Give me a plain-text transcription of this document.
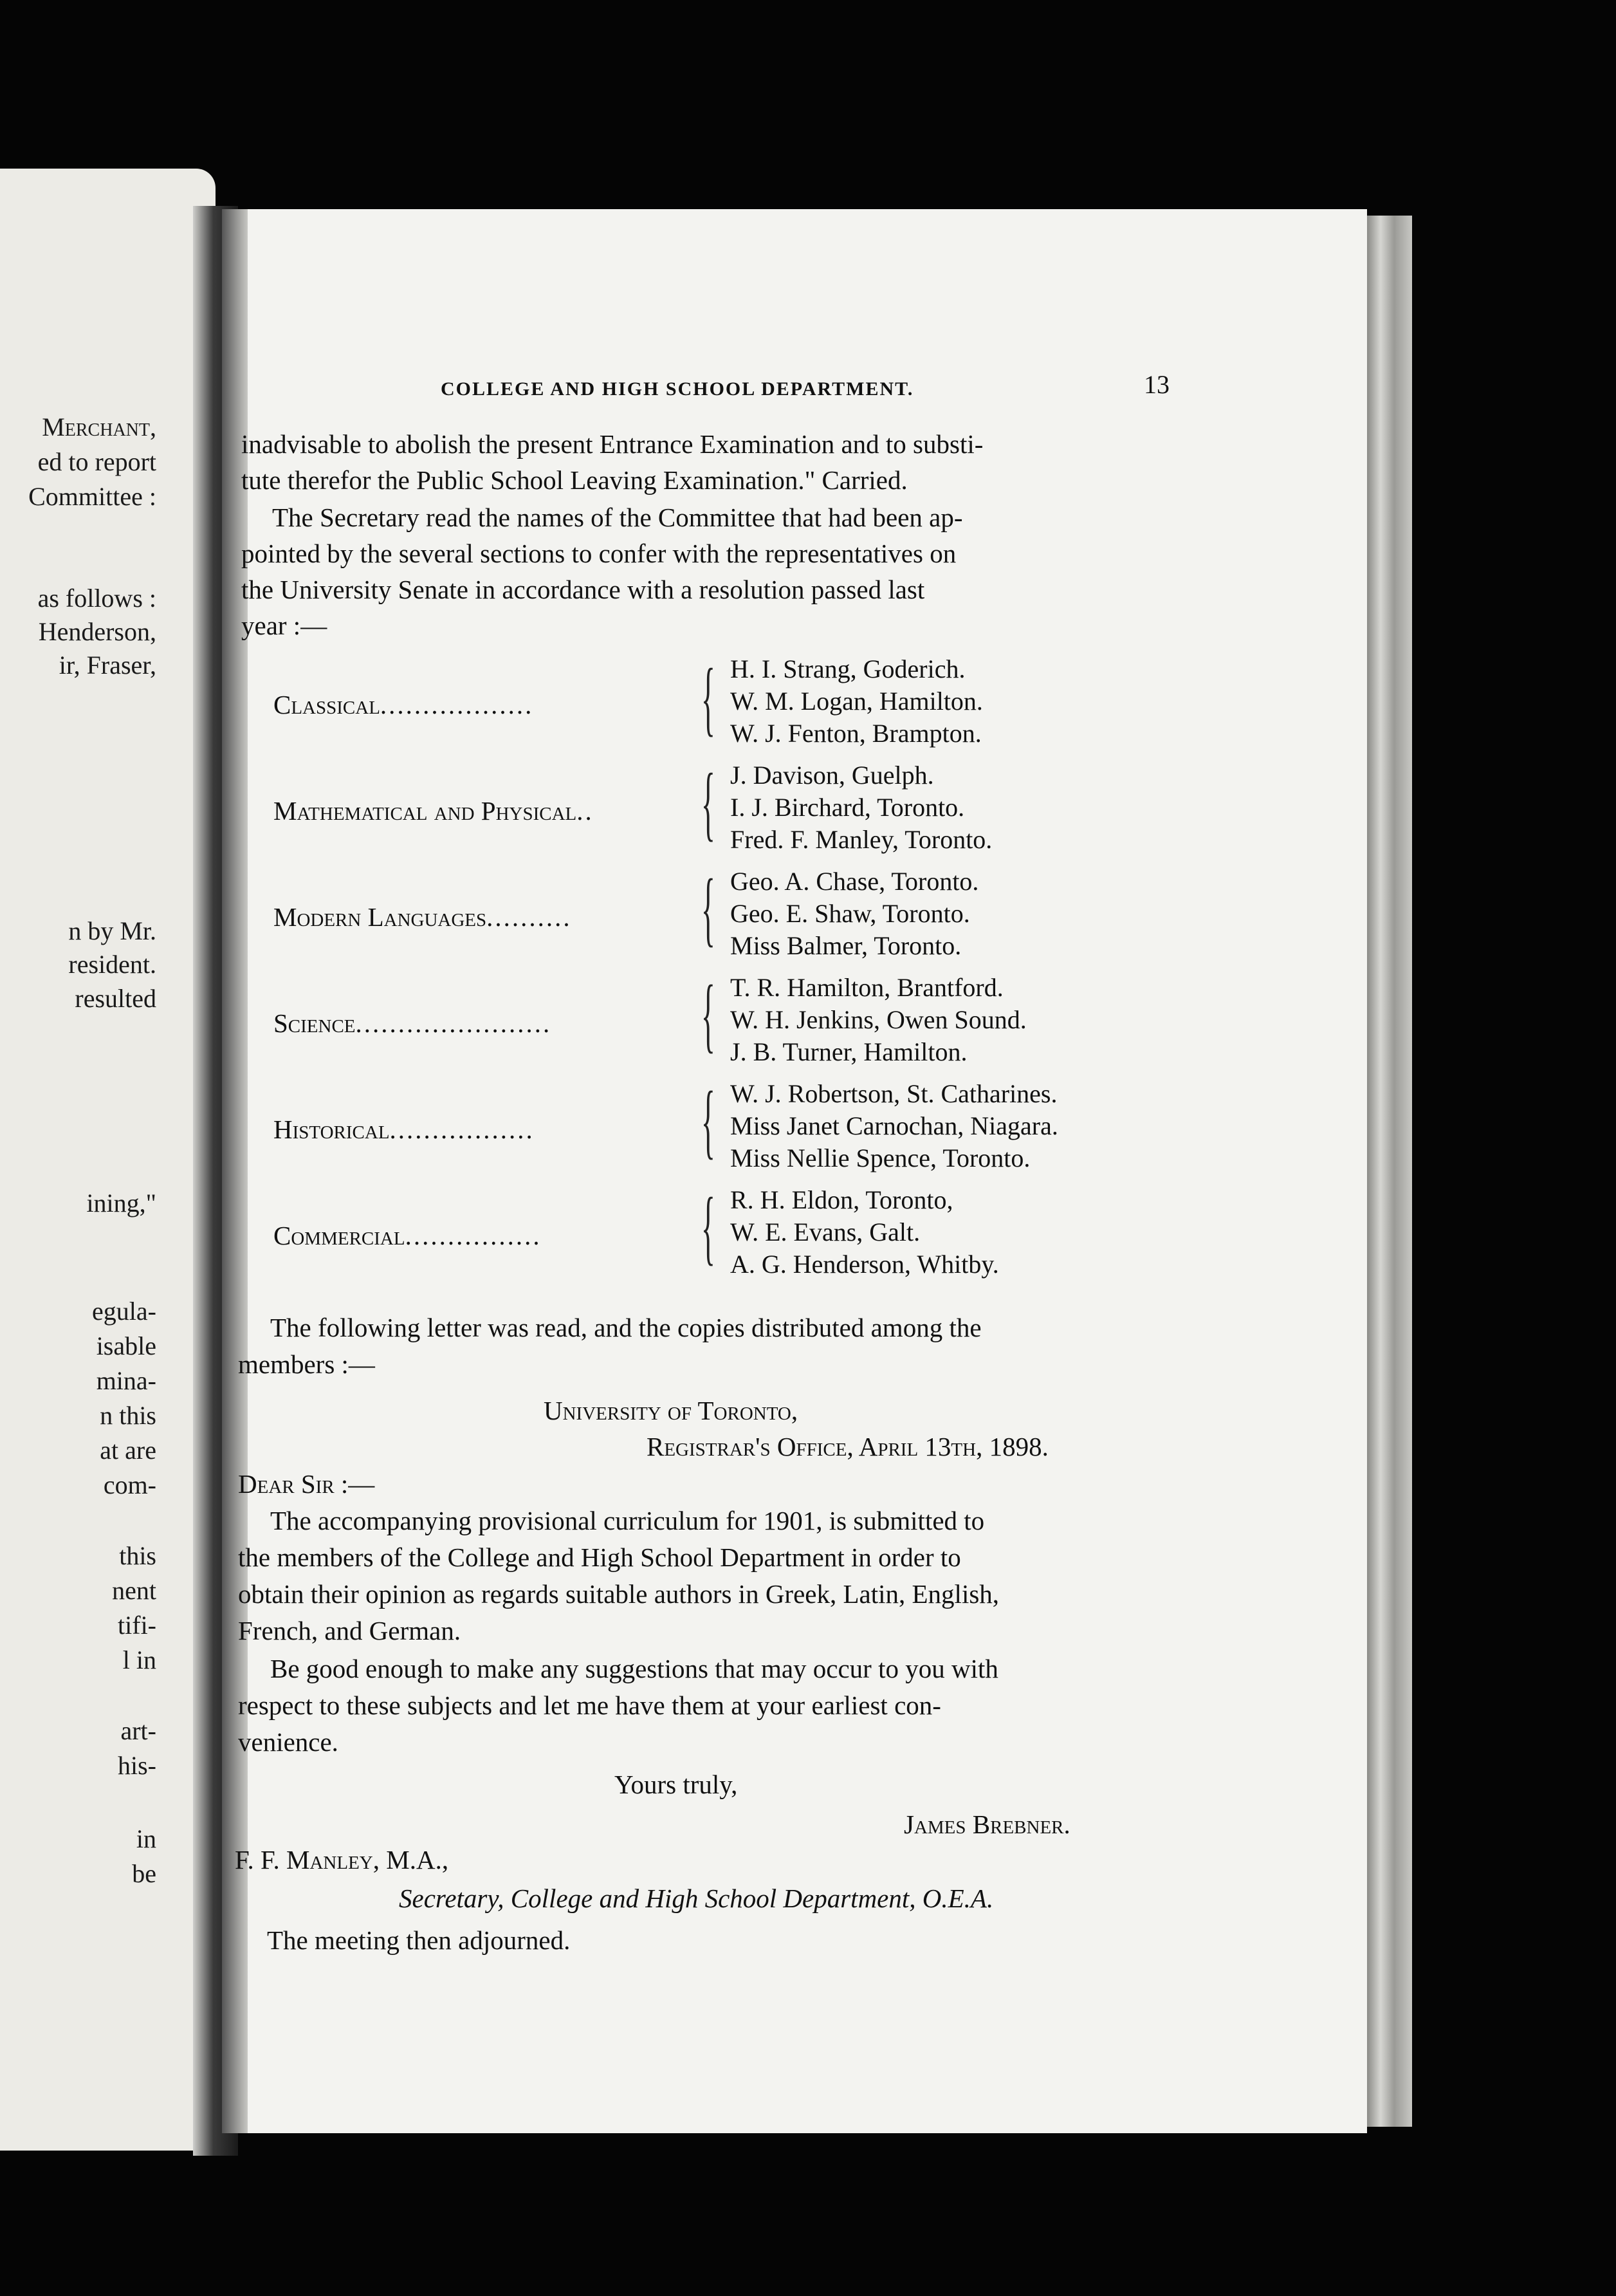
Merchant,
ed to report
Committee :
as follows :
Henderson,
ir, Fraser,
n by Mr.
resident.
resulted
ining,"
egula-
isable
mina-
n this
at are
com-
this
nent
tifi-
l in
art-
his-
in
be
COLLEGE AND HIGH SCHOOL DEPARTMENT.	13
inadvisable to abolish the present Entrance Examination and to substi-
tute therefor the Public School Leaving Examination." Carried.
The Secretary read the names of the Committee that had been ap-
pointed by the several sections to confer with the representatives on
the University Senate in accordance with a resolution passed last
year :—
Classical.................. { H. I. Strang, Goderich.
W. M. Logan, Hamilton.
W. J. Fenton, Brampton.
Mathematical and Physical.. { J. Davison, Guelph.
I. J. Birchard, Toronto.
Fred. F. Manley, Toronto.
Modern Languages.......... { Geo. A. Chase, Toronto.
Geo. E. Shaw, Toronto.
Miss Balmer, Toronto.
Science....................... { T. R. Hamilton, Brantford.
W. H. Jenkins, Owen Sound.
J. B. Turner, Hamilton.
Historical................. { W. J. Robertson, St. Catharines.
Miss Janet Carnochan, Niagara.
Miss Nellie Spence, Toronto.
Commercial................ { R. H. Eldon, Toronto,
W. E. Evans, Galt.
A. G. Henderson, Whitby.
The following letter was read, and the copies distributed among the
members :—
University of Toronto,
Registrar's Office, April 13th, 1898.
Dear Sir :—
The accompanying provisional curriculum for 1901, is submitted to
the members of the College and High School Department in order to
obtain their opinion as regards suitable authors in Greek, Latin, English,
French, and German.
Be good enough to make any suggestions that may occur to you with
respect to these subjects and let me have them at your earliest con-
venience.
Yours truly,
James Brebner.
F. F. Manley, M.A.,
Secretary, College and High School Department, O.E.A.
The meeting then adjourned.
